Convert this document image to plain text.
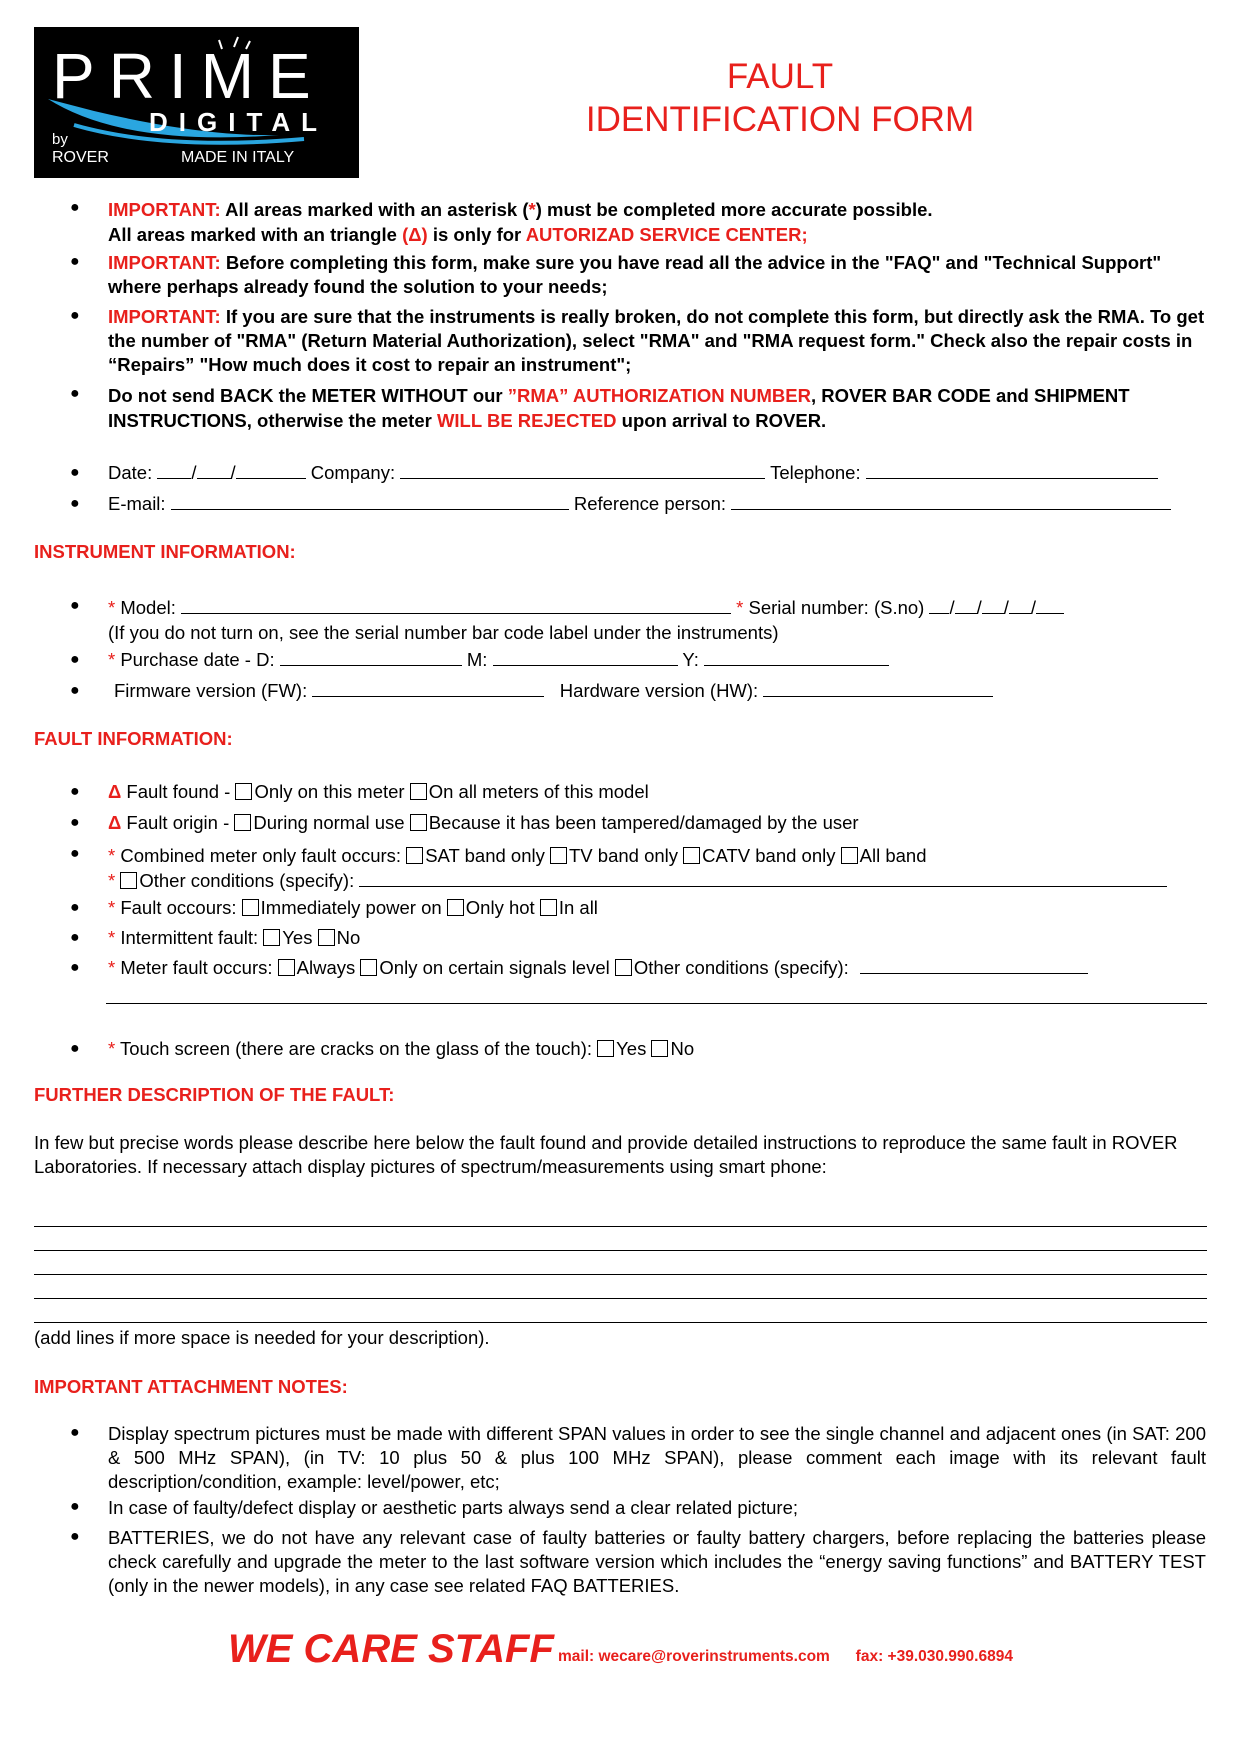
PRIME
DIGITAL
by
ROVER	MADE IN ITALY
FAULT
IDENTIFICATION FORM
● IMPORTANT: All areas marked with an asterisk (*) must be completed more accurate possible.
All areas marked with an triangle (Δ) is only for AUTORIZAD SERVICE CENTER;
● IMPORTANT: Before completing this form, make sure you have read all the advice in the "FAQ" and "Technical Support" where perhaps already found the solution to your needs;
● IMPORTANT: If you are sure that the instruments is really broken, do not complete this form, but directly ask the RMA. To get the number of "RMA" (Return Material Authorization), select "RMA" and "RMA request form." Check also the repair costs in “Repairs” "How much does it cost to repair an instrument";
● Do not send BACK the METER WITHOUT our ”RMA” AUTHORIZATION NUMBER, ROVER BAR CODE and SHIPMENT INSTRUCTIONS, otherwise the meter WILL BE REJECTED upon arrival to ROVER.
● Date: / /	Company:	Telephone:
● E-mail:	Reference person:
INSTRUMENT INFORMATION:
● * Model:	* Serial number: (S.no) / / / /
(If you do not turn on, see the serial number bar code label under the instruments)
● * Purchase date - D:	M:	Y:
● Firmware version (FW):	Hardware version (HW):
FAULT INFORMATION:
● Δ Fault found - Only on this meter On all meters of this model
● Δ Fault origin - During normal use Because it has been tampered/damaged by the user
● * Combined meter only fault occurs: SAT band only TV band only CATV band only All band
* Other conditions (specify):
● * Fault occours: Immediately power on Only hot In all
● * Intermittent fault: Yes No
● * Meter fault occurs: Always Only on certain signals level Other conditions (specify):
● * Touch screen (there are cracks on the glass of the touch): Yes No
FURTHER DESCRIPTION OF THE FAULT:
In few but precise words please describe here below the fault found and provide detailed instructions to reproduce the same fault in ROVER Laboratories. If necessary attach display pictures of spectrum/measurements using smart phone:
(add lines if more space is needed for your description).
IMPORTANT ATTACHMENT NOTES:
● Display spectrum pictures must be made with different SPAN values in order to see the single channel and adjacent ones (in SAT: 200 & 500 MHz SPAN), (in TV: 10 plus 50 & plus 100 MHz SPAN), please comment each image with its relevant fault description/condition, example: level/power, etc;
● In case of faulty/defect display or aesthetic parts always send a clear related picture;
● BATTERIES, we do not have any relevant case of faulty batteries or faulty battery chargers, before replacing the batteries please check carefully and upgrade the meter to the last software version which includes the “energy saving functions” and BATTERY TEST (only in the newer models), in any case see related FAQ BATTERIES.
WE CARE STAFF mail: wecare@roverinstruments.com      fax: +39.030.990.6894
